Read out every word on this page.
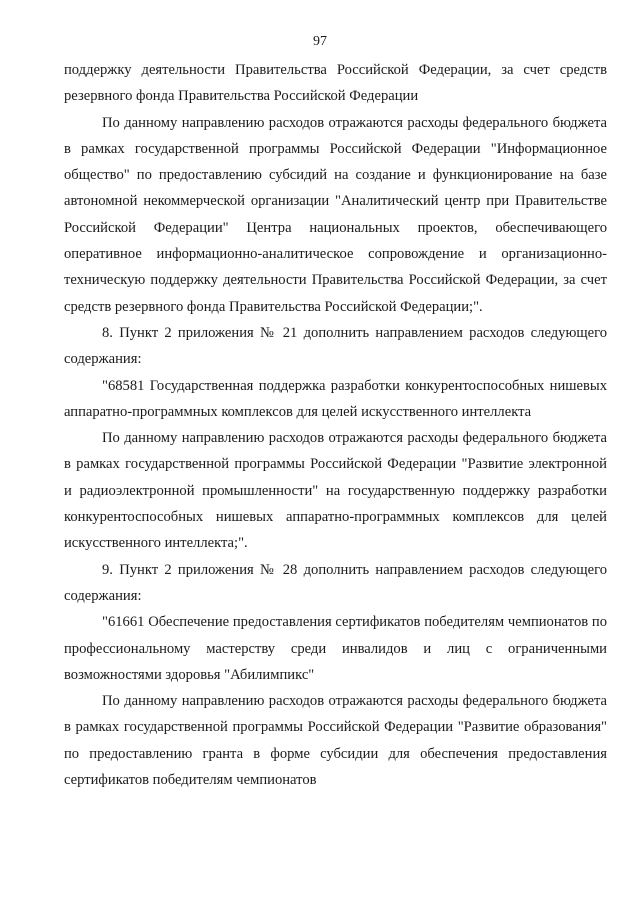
97

поддержку деятельности Правительства Российской Федерации, за счет средств резервного фонда Правительства Российской Федерации

По данному направлению расходов отражаются расходы федерального бюджета в рамках государственной программы Российской Федерации "Информационное общество" по предоставлению субсидий на создание и функционирование на базе автономной некоммерческой организации "Аналитический центр при Правительстве Российской Федерации" Центра национальных проектов, обеспечивающего оперативное информационно-аналитическое сопровождение и организационно-техническую поддержку деятельности Правительства Российской Федерации, за счет средств резервного фонда Правительства Российской Федерации;".

8. Пункт 2 приложения № 21 дополнить направлением расходов следующего содержания:

"68581 Государственная поддержка разработки конкурентоспособных нишевых аппаратно-программных комплексов для целей искусственного интеллекта

По данному направлению расходов отражаются расходы федерального бюджета в рамках государственной программы Российской Федерации "Развитие электронной и радиоэлектронной промышленности" на государственную поддержку разработки конкурентоспособных нишевых аппаратно-программных комплексов для целей искусственного интеллекта;".

9. Пункт 2 приложения № 28 дополнить направлением расходов следующего содержания:

"61661 Обеспечение предоставления сертификатов победителям чемпионатов по профессиональному мастерству среди инвалидов и лиц с ограниченными возможностями здоровья "Абилимпикс"

По данному направлению расходов отражаются расходы федерального бюджета в рамках государственной программы Российской Федерации "Развитие образования" по предоставлению гранта в форме субсидии для обеспечения предоставления сертификатов победителям чемпионатов
